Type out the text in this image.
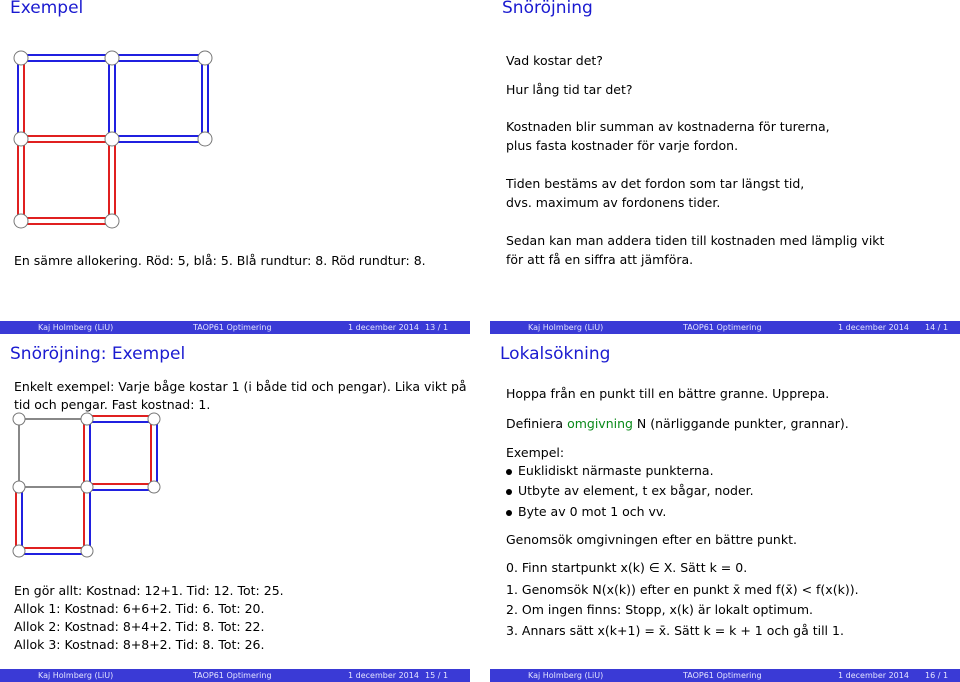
Exempel
En sämre allokering. Röd: 5, blå: 5. Blå rundtur: 8. Röd rundtur: 8.
Kaj Holmberg (LiU)	TAOP61 Optimering	1 december 2014 13 / 1
Snöröjning
Vad kostar det?
Hur lång tid tar det?
Kostnaden blir summan av kostnaderna för turerna,
plus fasta kostnader för varje fordon.
Tiden bestäms av det fordon som tar längst tid,
dvs. maximum av fordonens tider.
Sedan kan man addera tiden till kostnaden med lämplig vikt
för att få en siffra att jämföra.
Kaj Holmberg (LiU)	TAOP61 Optimering	1 december 2014 14 / 1
Snöröjning: Exempel
Enkelt exempel: Varje båge kostar 1 (i både tid och pengar). Lika vikt på
tid och pengar. Fast kostnad: 1.
En gör allt: Kostnad: 12+1. Tid: 12. Tot: 25.
Allok 1: Kostnad: 6+6+2. Tid: 6. Tot: 20.
Allok 2: Kostnad: 8+4+2. Tid: 8. Tot: 22.
Allok 3: Kostnad: 8+8+2. Tid: 8. Tot: 26.
Kaj Holmberg (LiU)	TAOP61 Optimering	1 december 2014 15 / 1
Lokalsökning
Hoppa från en punkt till en bättre granne. Upprepa.
Definiera omgivning N (närliggande punkter, grannar).
Exempel:
Euklidiskt närmaste punkterna.
Utbyte av element, t ex bågar, noder.
Byte av 0 mot 1 och vv.
Genomsök omgivningen efter en bättre punkt.
0. Finn startpunkt x(k) ∈ X. Sätt k = 0.
1. Genomsök N(x(k)) efter en punkt x̄ med f(x̄) < f(x(k)).
2. Om ingen finns: Stopp, x(k) är lokalt optimum.
3. Annars sätt x(k+1) = x̄. Sätt k = k + 1 och gå till 1.
Kaj Holmberg (LiU)	TAOP61 Optimering	1 december 2014 16 / 1
